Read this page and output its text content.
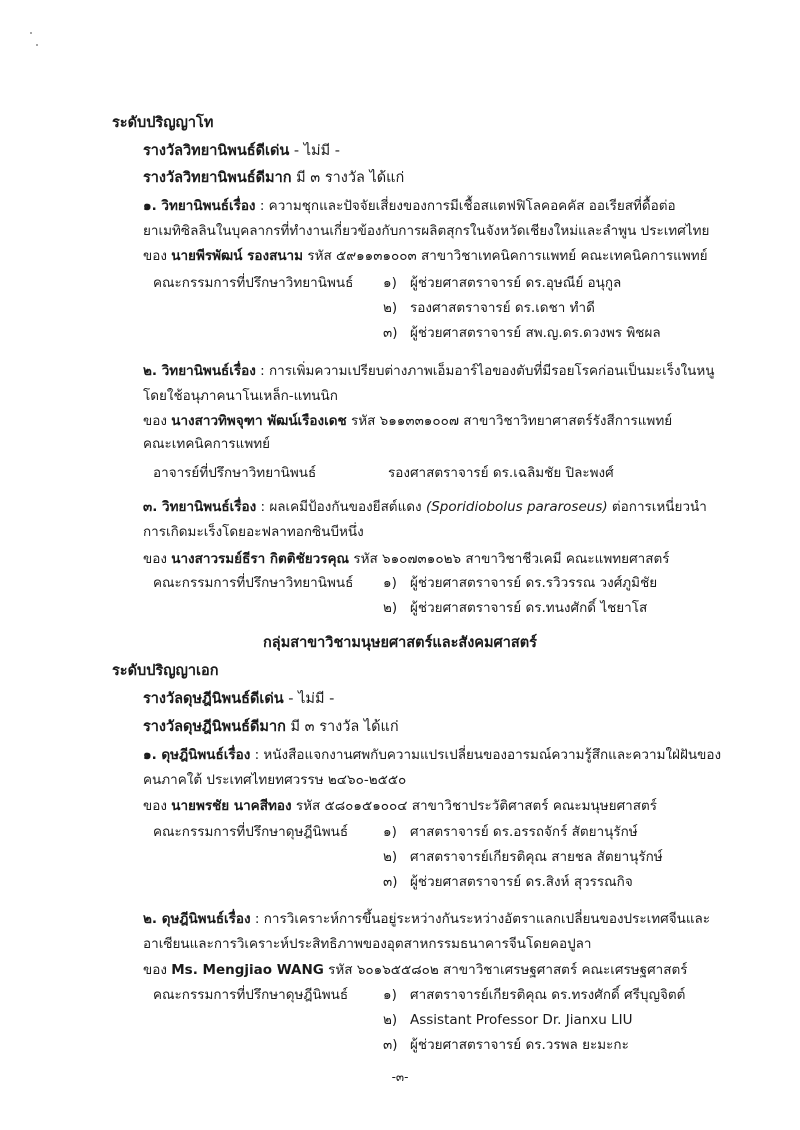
ระดับปริญญาโท
รางวัลวิทยานิพนธ์ดีเด่น - ไม่มี -
รางวัลวิทยานิพนธ์ดีมาก มี ๓ รางวัล ได้แก่
๑. วิทยานิพนธ์เรื่อง : ความชุกและปัจจัยเสี่ยงของการมีเชื้อสแตฟฟิโลคอคคัส ออเรียสที่ดื้อต่อ
ยาเมทิซิลลินในบุคลากรที่ทำงานเกี่ยวข้องกับการผลิตสุกรในจังหวัดเชียงใหม่และลำพูน ประเทศไทย
ของ นายพีรพัฒน์ รองสนาม รหัส ๕๙๑๑๓๑๐๐๓ สาขาวิชาเทคนิคการแพทย์ คณะเทคนิคการแพทย์
คณะกรรมการที่ปรึกษาวิทยานิพนธ์ ๑) ผู้ช่วยศาสตราจารย์ ดร.อุษณีย์ อนุกูล
๒) รองศาสตราจารย์ ดร.เดชา ทำดี
๓) ผู้ช่วยศาสตราจารย์ สพ.ญ.ดร.ดวงพร พิชผล
๒. วิทยานิพนธ์เรื่อง : การเพิ่มความเปรียบต่างภาพเอ็มอาร์ไอของตับที่มีรอยโรคก่อนเป็นมะเร็งในหนู
โดยใช้อนุภาคนาโนเหล็ก-แทนนิก
ของ นางสาวทิพจุฑา พัฒน์เรืองเดช รหัส ๖๑๑๓๓๑๐๐๗ สาขาวิชาวิทยาศาสตร์รังสีการแพทย์
คณะเทคนิคการแพทย์
อาจารย์ที่ปรึกษาวิทยานิพนธ์	รองศาสตราจารย์ ดร.เฉลิมชัย ปิละพงศ์
๓. วิทยานิพนธ์เรื่อง : ผลเคมีป้องกันของยีสต์แดง (Sporidiobolus pararoseus) ต่อการเหนี่ยวนำ
การเกิดมะเร็งโดยอะฟลาทอกซินบีหนึ่ง
ของ นางสาวรมย์ธีรา กิตติชัยวรคุณ รหัส ๖๑๐๗๓๑๐๒๖ สาขาวิชาชีวเคมี คณะแพทยศาสตร์
คณะกรรมการที่ปรึกษาวิทยานิพนธ์ ๑) ผู้ช่วยศาสตราจารย์ ดร.รวิวรรณ วงศ์ภูมิชัย
๒) ผู้ช่วยศาสตราจารย์ ดร.ทนงศักดิ์ ไชยาโส
กลุ่มสาขาวิชามนุษยศาสตร์และสังคมศาสตร์
ระดับปริญญาเอก
รางวัลดุษฎีนิพนธ์ดีเด่น - ไม่มี -
รางวัลดุษฎีนิพนธ์ดีมาก มี ๓ รางวัล ได้แก่
๑. ดุษฎีนิพนธ์เรื่อง : หนังสือแจกงานศพกับความแปรเปลี่ยนของอารมณ์ความรู้สึกและความใฝ่ฝันของ
คนภาคใต้ ประเทศไทยทศวรรษ ๒๔๖๐-๒๕๕๐
ของ นายพรชัย นาคสีทอง รหัส ๕๘๐๑๕๑๐๐๔ สาขาวิชาประวัติศาสตร์ คณะมนุษยศาสตร์
คณะกรรมการที่ปรึกษาดุษฎีนิพนธ์	๑) ศาสตราจารย์ ดร.อรรถจักร์ สัตยานุรักษ์
๒) ศาสตราจารย์เกียรติคุณ สายชล สัตยานุรักษ์
๓) ผู้ช่วยศาสตราจารย์ ดร.สิงห์ สุวรรณกิจ
๒. ดุษฎีนิพนธ์เรื่อง : การวิเคราะห์การขึ้นอยู่ระหว่างกันระหว่างอัตราแลกเปลี่ยนของประเทศจีนและ
อาเซียนและการวิเคราะห์ประสิทธิภาพของอุตสาหกรรมธนาคารจีนโดยคอปูลา
ของ Ms. Mengjiao WANG รหัส ๖๐๑๖๕๕๘๐๒ สาขาวิชาเศรษฐศาสตร์ คณะเศรษฐศาสตร์
คณะกรรมการที่ปรึกษาดุษฎีนิพนธ์	๑) ศาสตราจารย์เกียรติคุณ ดร.ทรงศักดิ์ ศรีบุญจิตต์
๒) Assistant Professor Dr. Jianxu LIU
๓) ผู้ช่วยศาสตราจารย์ ดร.วรพล ยะมะกะ
-๓-
